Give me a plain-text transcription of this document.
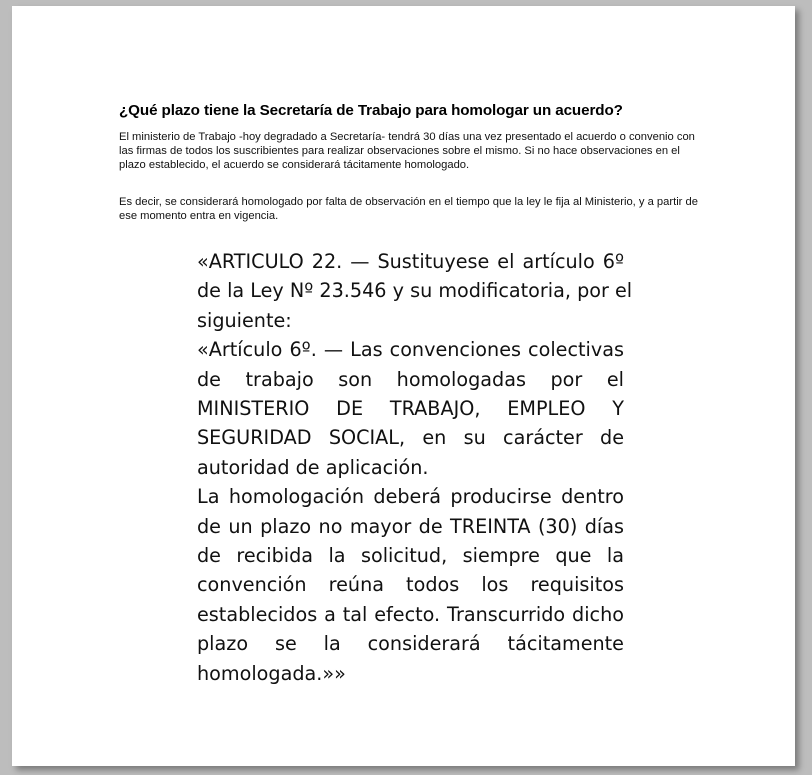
¿Qué plazo tiene la Secretaría de Trabajo para homologar un acuerdo?

El ministerio de Trabajo -hoy degradado a Secretaría- tendrá 30 días una vez presentado el acuerdo o convenio con las firmas de todos los suscribientes para realizar observaciones sobre el mismo. Si no hace observaciones en el plazo establecido, el acuerdo se considerará tácitamente homologado.

Es decir, se considerará homologado por falta de observación en el tiempo que la ley le fija al Ministerio, y a partir de ese momento entra en vigencia.

«ARTICULO 22. — Sustituyese el artículo 6º
de la Ley Nº 23.546 y su modificatoria, por el
siguiente:
«Artículo 6º. — Las convenciones colectivas
de trabajo son homologadas por el
MINISTERIO DE TRABAJO, EMPLEO Y
SEGURIDAD SOCIAL, en su carácter de
autoridad de aplicación.
La homologación deberá producirse dentro
de un plazo no mayor de TREINTA (30) días
de recibida la solicitud, siempre que la
convención reúna todos los requisitos
establecidos a tal efecto. Transcurrido dicho
plazo se la considerará tácitamente
homologada.»»
